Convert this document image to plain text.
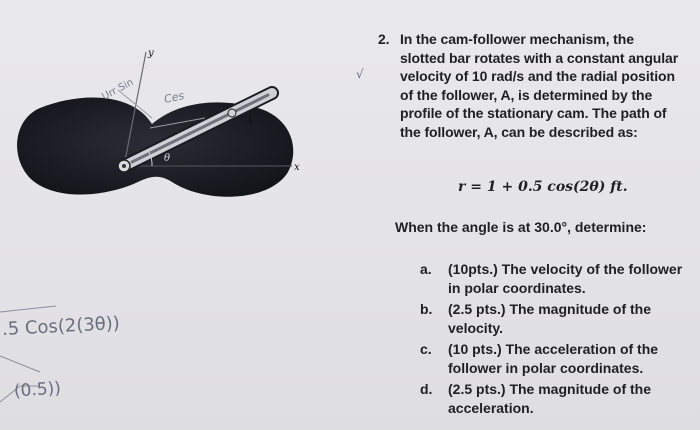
A
θ
x
y
Urr Sin Ces
√
.5 Cos(2(3θ))
(0.5))
2. In the cam-follower mechanism, the slotted bar rotates with a constant angular velocity of 10 rad/s and the radial position of the follower, A, is determined by the profile of the stationary cam. The path of the follower, A, can be described as:
r = 1 + 0.5 cos(2θ) ft.
When the angle is at 30.0°, determine:
a. (10pts.) The velocity of the follower in polar coordinates.
b. (2.5 pts.) The magnitude of the velocity.
c. (10 pts.) The acceleration of the follower in polar coordinates.
d. (2.5 pts.) The magnitude of the acceleration.
